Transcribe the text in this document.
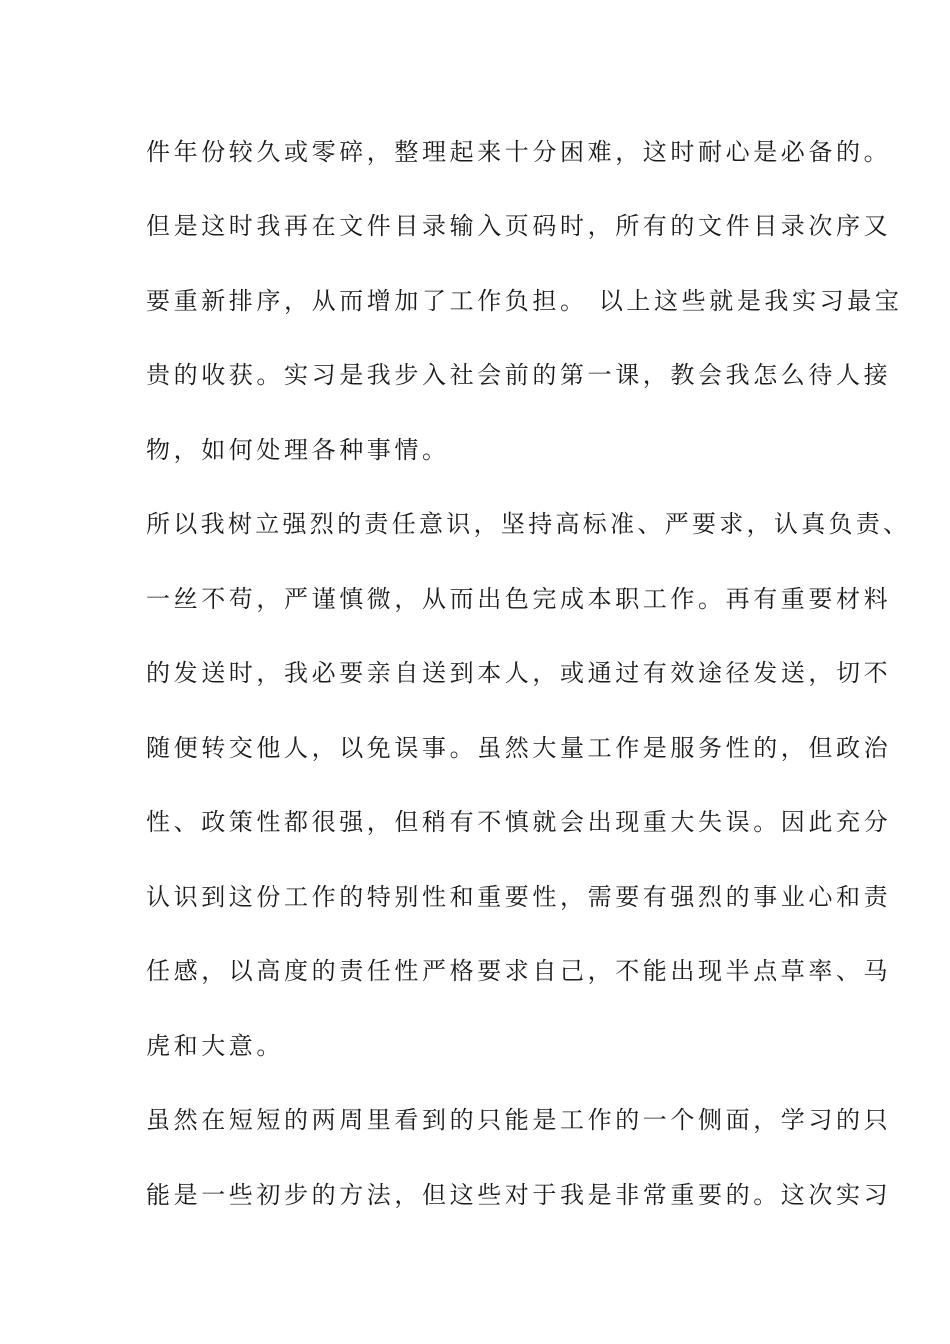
件年份较久或零碎，整理起来十分困难，这时耐心是必备的。
但是这时我再在文件目录输入页码时，所有的文件目录次序又
要重新排序，从而增加了工作负担。 以上这些就是我实习最宝
贵的收获。实习是我步入社会前的第一课，教会我怎么待人接
物，如何处理各种事情。
所以我树立强烈的责任意识，坚持高标准、严要求，认真负责、
一丝不苟，严谨慎微，从而出色完成本职工作。再有重要材料
的发送时，我必要亲自送到本人，或通过有效途径发送，切不
随便转交他人，以免误事。虽然大量工作是服务性的，但政治
性、政策性都很强，但稍有不慎就会出现重大失误。因此充分
认识到这份工作的特别性和重要性，需要有强烈的事业心和责
任感，以高度的责任性严格要求自己，不能出现半点草率、马
虎和大意。
虽然在短短的两周里看到的只能是工作的一个侧面，学习的只
能是一些初步的方法，但这些对于我是非常重要的。这次实习
